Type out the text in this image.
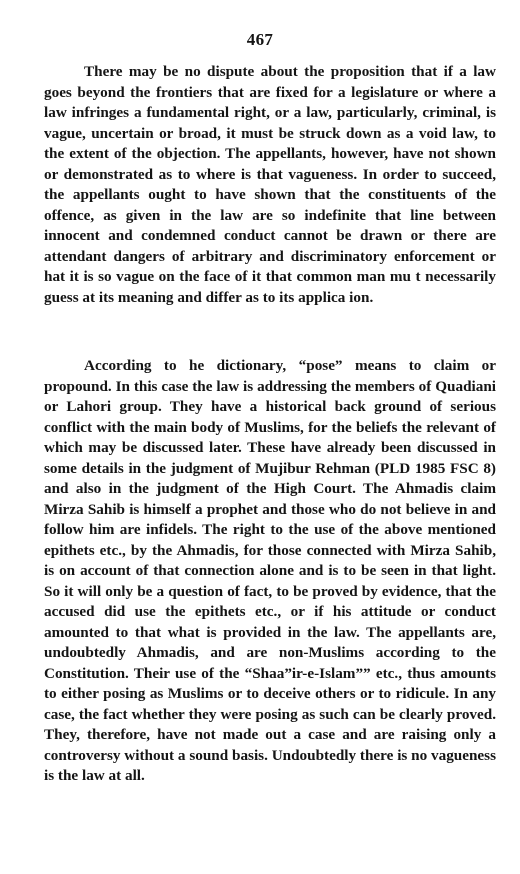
467

There may be no dispute about the proposition that if a law goes beyond the frontiers that are fixed for a legislature or where a law infringes a fundamental right, or a law, particularly, criminal, is vague, uncertain or broad, it must be struck down as a void law, to the extent of the objection. The appellants, however, have not shown or demonstrated as to where is that vagueness. In order to succeed, the appellants ought to have shown that the constituents of the offence, as given in the law are so indefinite that line between innocent and condemned conduct cannot be drawn or there are attendant dangers of arbitrary and discriminatory enforcement or hat it is so vague on the face of it that common man mu t necessarily guess at its meaning and differ as to its applica ion.

According to he dictionary, “pose” means to claim or propound. In this case the law is addressing the members of Quadiani or Lahori group. They have a historical back ground of serious conflict with the main body of Muslims, for the beliefs the relevant of which may be discussed later. These have already been discussed in some details in the judgment of Mujibur Rehman (PLD 1985 FSC 8) and also in the judgment of the High Court. The Ahmadis claim Mirza Sahib is himself a prophet and those who do not believe in and follow him are infidels. The right to the use of the above mentioned epithets etc., by the Ahmadis, for those connected with Mirza Sahib, is on account of that connection alone and is to be seen in that light. So it will only be a question of fact, to be proved by evidence, that the accused did use the epithets etc., or if his attitude or conduct amounted to that what is provided in the law. The appellants are, undoubtedly Ahmadis, and are non-Muslims according to the Constitution. Their use of the “Shaa”ir-e-Islam”” etc., thus amounts to either posing as Muslims or to deceive others or to ridicule. In any case, the fact whether they were posing as such can be clearly proved. They, therefore, have not made out a case and are raising only a controversy without a sound basis. Undoubtedly there is no vagueness is the law at all.
